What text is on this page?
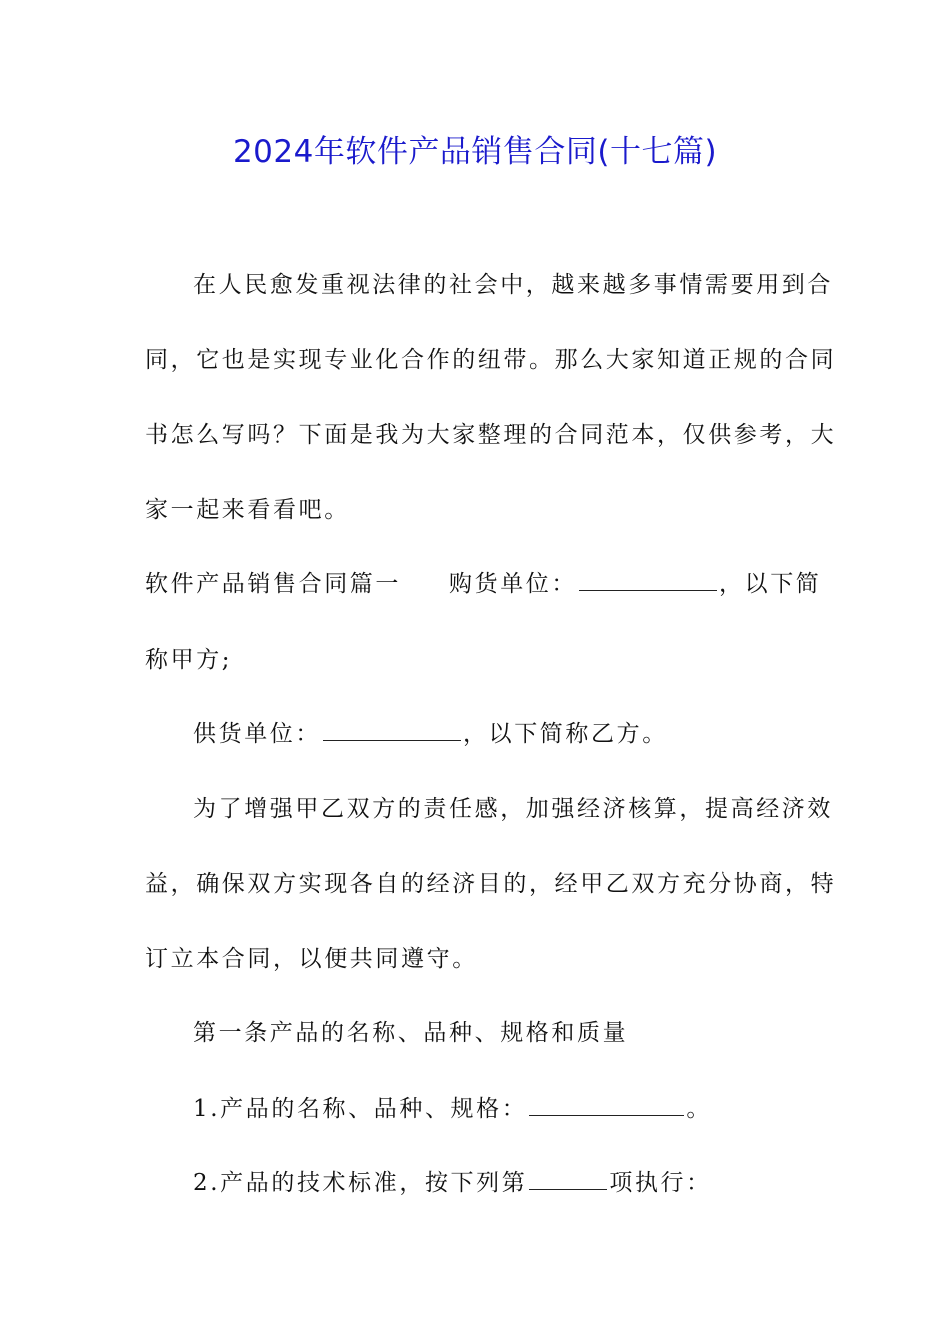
2024年软件产品销售合同(十七篇)
在人民愈发重视法律的社会中，越来越多事情需要用到合
同，它也是实现专业化合作的纽带。那么大家知道正规的合同
书怎么写吗？下面是我为大家整理的合同范本，仅供参考，大
家一起来看看吧。
软件产品销售合同篇一 购货单位：	，以下简
称甲方;
供货单位：	，以下简称乙方。
为了增强甲乙双方的责任感，加强经济核算，提高经济效
益，确保双方实现各自的经济目的，经甲乙双方充分协商，特
订立本合同，以便共同遵守。
第一条产品的名称、品种、规格和质量
1.产品的名称、品种、规格：	。
2.产品的技术标准，按下列第	项执行：
